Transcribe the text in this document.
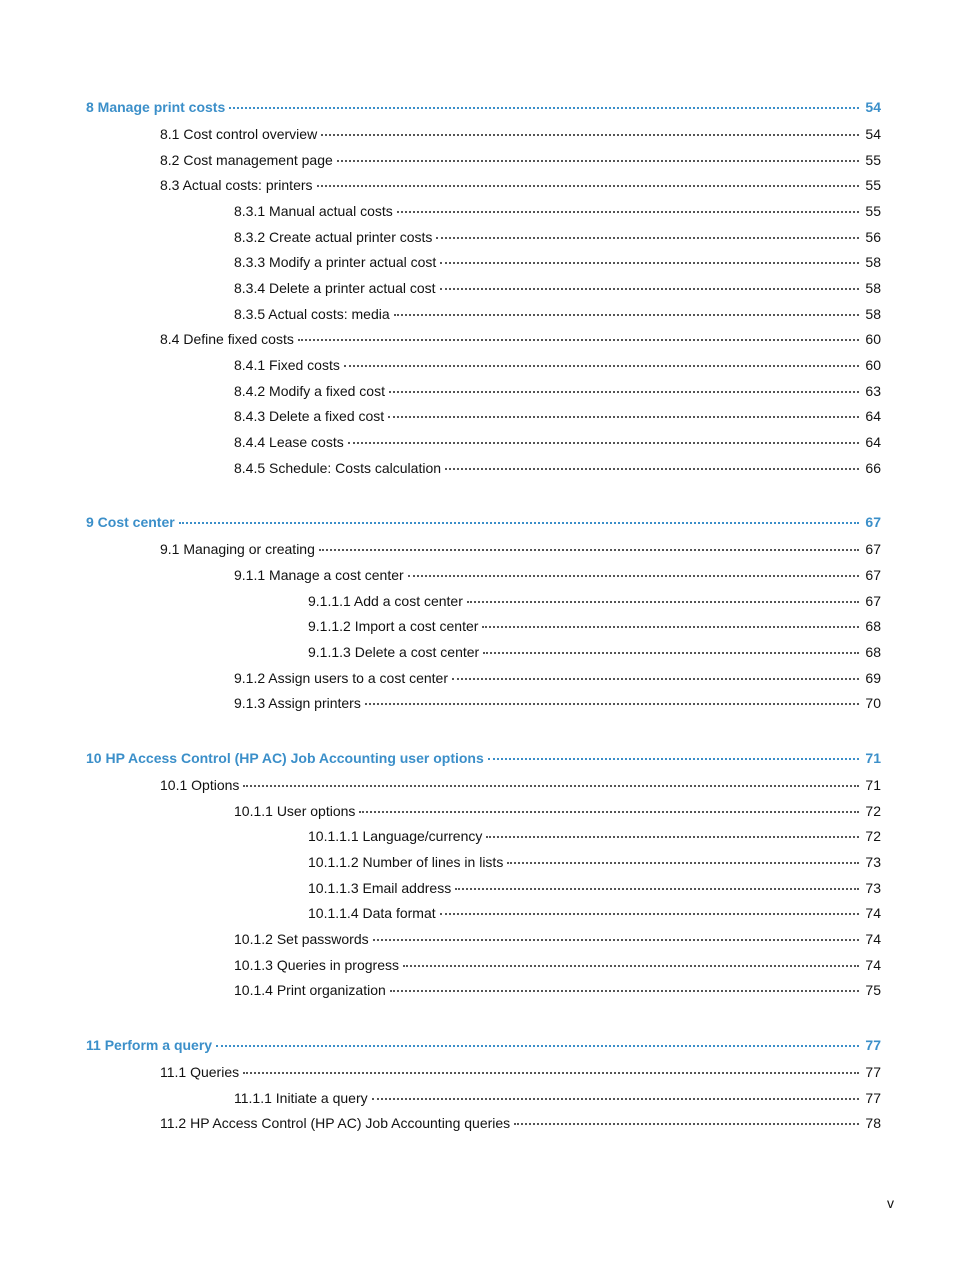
8 Manage print costs	54
8.1 Cost control overview	54
8.2 Cost management page	55
8.3 Actual costs: printers	55
8.3.1 Manual actual costs	55
8.3.2 Create actual printer costs	56
8.3.3 Modify a printer actual cost	58
8.3.4 Delete a printer actual cost	58
8.3.5 Actual costs: media	58
8.4 Define fixed costs	60
8.4.1 Fixed costs	60
8.4.2 Modify a fixed cost	63
8.4.3 Delete a fixed cost	64
8.4.4 Lease costs	64
8.4.5 Schedule: Costs calculation	66
9 Cost center	67
9.1 Managing or creating	67
9.1.1 Manage a cost center	67
9.1.1.1 Add a cost center	67
9.1.1.2 Import a cost center	68
9.1.1.3 Delete a cost center	68
9.1.2 Assign users to a cost center	69
9.1.3 Assign printers	70
10 HP Access Control (HP AC) Job Accounting user options	71
10.1 Options	71
10.1.1 User options	72
10.1.1.1 Language/currency	72
10.1.1.2 Number of lines in lists	73
10.1.1.3 Email address	73
10.1.1.4 Data format	74
10.1.2 Set passwords	74
10.1.3 Queries in progress	74
10.1.4 Print organization	75
11 Perform a query	77
11.1 Queries	77
11.1.1 Initiate a query	77
11.2 HP Access Control (HP AC) Job Accounting queries	78
v
